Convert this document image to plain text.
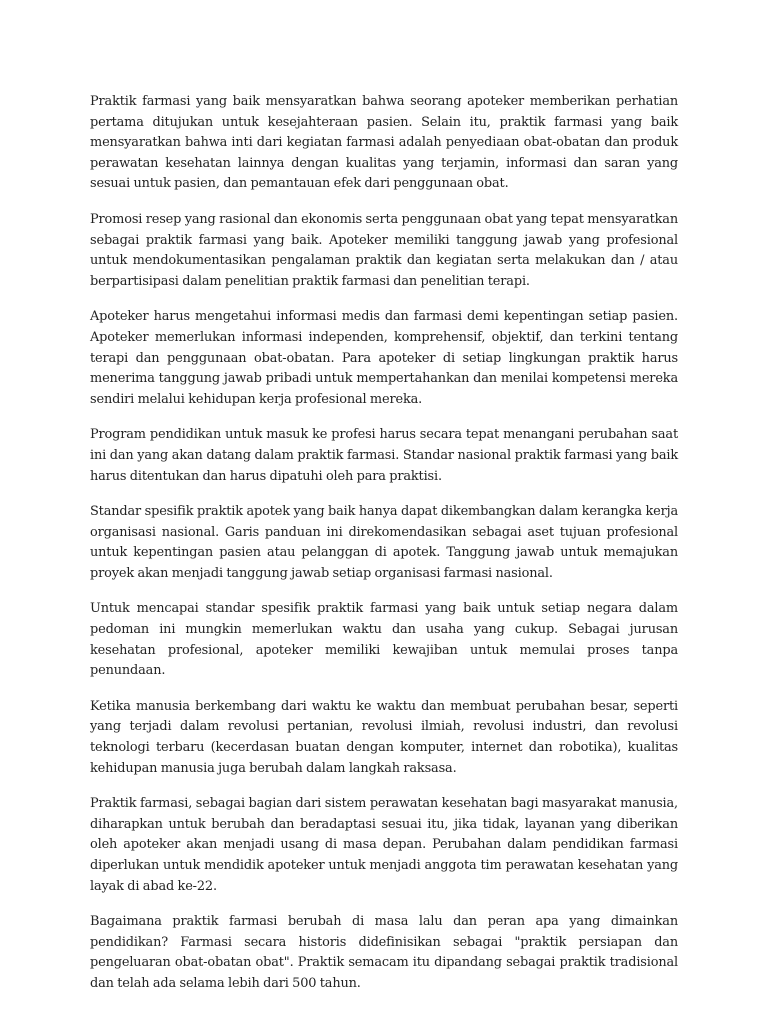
Praktik farmasi yang baik mensyaratkan bahwa seorang apoteker memberikan perhatian pertama ditujukan untuk kesejahteraan pasien. Selain itu, praktik farmasi yang baik mensyaratkan bahwa inti dari kegiatan farmasi adalah penyediaan obat-obatan dan produk perawatan kesehatan lainnya dengan kualitas yang terjamin, informasi dan saran yang sesuai untuk pasien, dan pemantauan efek dari penggunaan obat.

Promosi resep yang rasional dan ekonomis serta penggunaan obat yang tepat mensyaratkan sebagai praktik farmasi yang baik. Apoteker memiliki tanggung jawab yang profesional untuk mendokumentasikan pengalaman praktik dan kegiatan serta melakukan dan / atau berpartisipasi dalam penelitian praktik farmasi dan penelitian terapi.

Apoteker harus mengetahui informasi medis dan farmasi demi kepentingan setiap pasien. Apoteker memerlukan informasi independen, komprehensif, objektif, dan terkini tentang terapi dan penggunaan obat-obatan. Para apoteker di setiap lingkungan praktik harus menerima tanggung jawab pribadi untuk mempertahankan dan menilai kompetensi mereka sendiri melalui kehidupan kerja profesional mereka.

Program pendidikan untuk masuk ke profesi harus secara tepat menangani perubahan saat ini dan yang akan datang dalam praktik farmasi. Standar nasional praktik farmasi yang baik harus ditentukan dan harus dipatuhi oleh para praktisi.

Standar spesifik praktik apotek yang baik hanya dapat dikembangkan dalam kerangka kerja organisasi nasional. Garis panduan ini direkomendasikan sebagai aset tujuan profesional untuk kepentingan pasien atau pelanggan di apotek. Tanggung jawab untuk memajukan proyek akan menjadi tanggung jawab setiap organisasi farmasi nasional.

Untuk mencapai standar spesifik praktik farmasi yang baik untuk setiap negara dalam pedoman ini mungkin memerlukan waktu dan usaha yang cukup. Sebagai jurusan kesehatan profesional, apoteker memiliki kewajiban untuk memulai proses tanpa penundaan.

Ketika manusia berkembang dari waktu ke waktu dan membuat perubahan besar, seperti yang terjadi dalam revolusi pertanian, revolusi ilmiah, revolusi industri, dan revolusi teknologi terbaru (kecerdasan buatan dengan komputer, internet dan robotika), kualitas kehidupan manusia juga berubah dalam langkah raksasa.

Praktik farmasi, sebagai bagian dari sistem perawatan kesehatan bagi masyarakat manusia, diharapkan untuk berubah dan beradaptasi sesuai itu, jika tidak, layanan yang diberikan oleh apoteker akan menjadi usang di masa depan. Perubahan dalam pendidikan farmasi diperlukan untuk mendidik apoteker untuk menjadi anggota tim perawatan kesehatan yang layak di abad ke-22.

Bagaimana praktik farmasi berubah di masa lalu dan peran apa yang dimainkan pendidikan? Farmasi secara historis didefinisikan sebagai "praktik persiapan dan pengeluaran obat-obatan obat". Praktik semacam itu dipandang sebagai praktik tradisional dan telah ada selama lebih dari 500 tahun.
